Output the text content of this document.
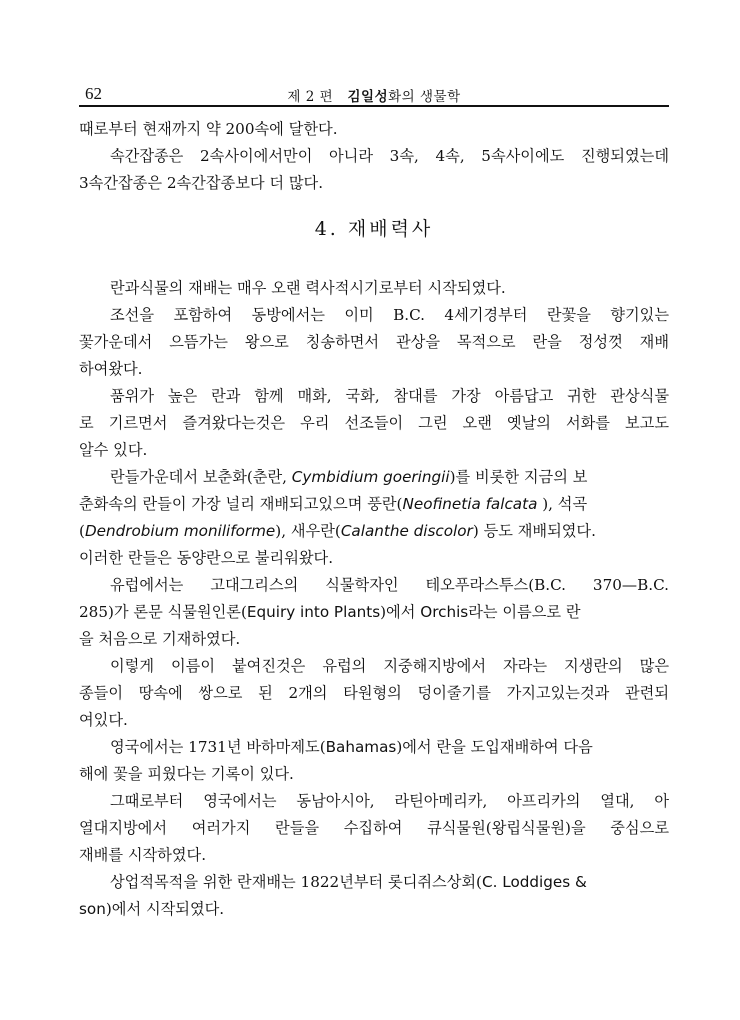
62	제 2 편 김일성화의 생물학
때로부터 현재까지 약 200속에 달한다.
속간잡종은 2속사이에서만이 아니라 3속, 4속, 5속사이에도 진행되였는데
3속간잡종은 2속간잡종보다 더 많다.
4. 재배력사
란과식물의 재배는 매우 오랜 력사적시기로부터 시작되였다.
조선을 포함하여 동방에서는 이미 B.C. 4세기경부터 란꽃을 향기있는
꽃가운데서 으뜸가는 왕으로 칭송하면서 관상을 목적으로 란을 정성껏 재배
하여왔다.
품위가 높은 란과 함께 매화, 국화, 참대를 가장 아름답고 귀한 관상식물
로 기르면서 즐겨왔다는것은 우리 선조들이 그린 오랜 옛날의 서화를 보고도
알수 있다.
란들가운데서 보춘화(춘란, Cymbidium goeringii)를 비롯한 지금의 보
춘화속의 란들이 가장 널리 재배되고있으며 풍란(Neofinetia falcata ), 석곡
(Dendrobium moniliforme), 새우란(Calanthe discolor) 등도 재배되였다.
이러한 란들은 동양란으로 불리워왔다.
유럽에서는 고대그리스의 식물학자인 테오푸라스투스(B.C. 370—B.C.
285)가 론문 식물원인론(Equiry into Plants)에서 Orchis라는 이름으로 란
을 처음으로 기재하였다.
이렇게 이름이 붙여진것은 유럽의 지중해지방에서 자라는 지생란의 많은
종들이 땅속에 쌍으로 된 2개의 타원형의 덩이줄기를 가지고있는것과 관련되
여있다.
영국에서는 1731년 바하마제도(Bahamas)에서 란을 도입재배하여 다음
해에 꽃을 피웠다는 기록이 있다.
그때로부터 영국에서는 동남아시아, 라틴아메리카, 아프리카의 열대, 아
열대지방에서 여러가지 란들을 수집하여 큐식물원(왕립식물원)을 중심으로
재배를 시작하였다.
상업적목적을 위한 란재배는 1822년부터 롯디쥐스상회(C. Loddiges &
son)에서 시작되였다.
